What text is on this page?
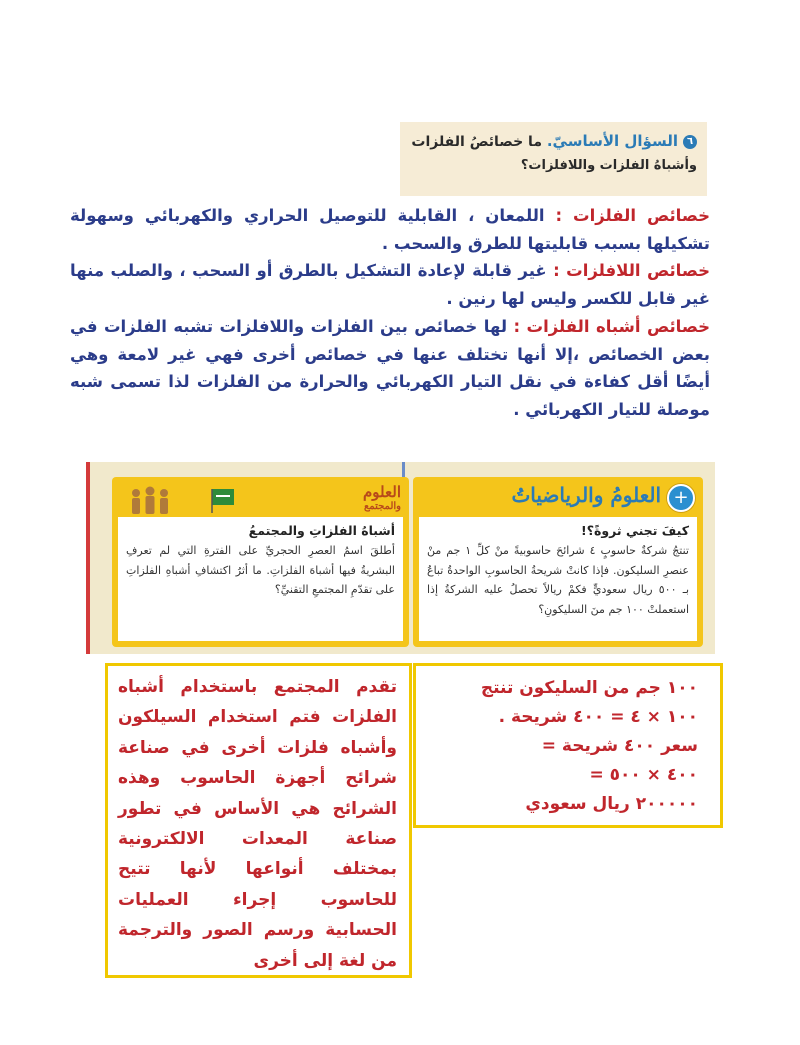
٦السؤال الأساسيّ. ما خصائصُ الفلزات
وأشباهُ الفلزات واللافلزات؟

خصائص الفلزات : اللمعان ، القابلية للتوصيل الحراري والكهربائي وسهولة تشكيلها بسبب قابليتها للطرق والسحب .

خصائص اللافلزات : غير قابلة لإعادة التشكيل بالطرق أو السحب ، والصلب منها غير قابل للكسر وليس لها رنين .

خصائص أشباه الفلزات : لها خصائص بين الفلزات واللافلزات تشبه الفلزات في بعض الخصائص ،إلا أنها تختلف عنها في خصائص أخرى فهي غير لامعة وهي أيضًا أقل كفاءة في نقل التيار الكهربائي والحرارة من الفلزات لذا تسمى شبه موصلة للتيار الكهربائي .

العلوم
والمجتمع
أشباهُ الفلزاتِ والمجتمعُ
أطلقَ اسمُ العصرِ الحجريِّ على الفترةِ التي لم تعرفِ البشريةُ فيها أشباهَ الفلزاتِ. ما أثرُ اكتشافِ أشباهِ الفلزاتِ على تقدّمِ المجتمعِ التقنيِّ؟
+العلومُ والرياضياتُ
كيفَ تجني ثروةً؟!
تنتجُ شركةٌ حاسوبٍ ٤ شرائحَ حاسوبيةً منْ كلِّ ١ جم منْ عنصرِ السليكون. فإذا كانتْ شريحةُ الحاسوبِ الواحدةُ تباعُ بـ ٥٠٠ ريال سعوديٍّ فكمْ ريالاً تحصلُ عليه الشركةُ إذا استعملتْ ١٠٠ جم منَ السليكونِ؟
١٠٠ جم من السليكون تنتج
١٠٠ × ٤ = ٤٠٠ شريحة .
سعر ٤٠٠ شريحة =
٤٠٠ × ٥٠٠ =
٢٠٠٠٠٠ ريال سعودي
تقدم المجتمع باستخدام أشباه الفلزات فتم استخدام السيلكون وأشباه فلزات أخرى في صناعة شرائح أجهزة الحاسوب وهذه الشرائح هي الأساس في تطور صناعة المعدات الالكترونية بمختلف أنواعها لأنها تتيح للحاسوب إجراء العمليات الحسابية ورسم الصور والترجمة من لغة إلى أخرى
